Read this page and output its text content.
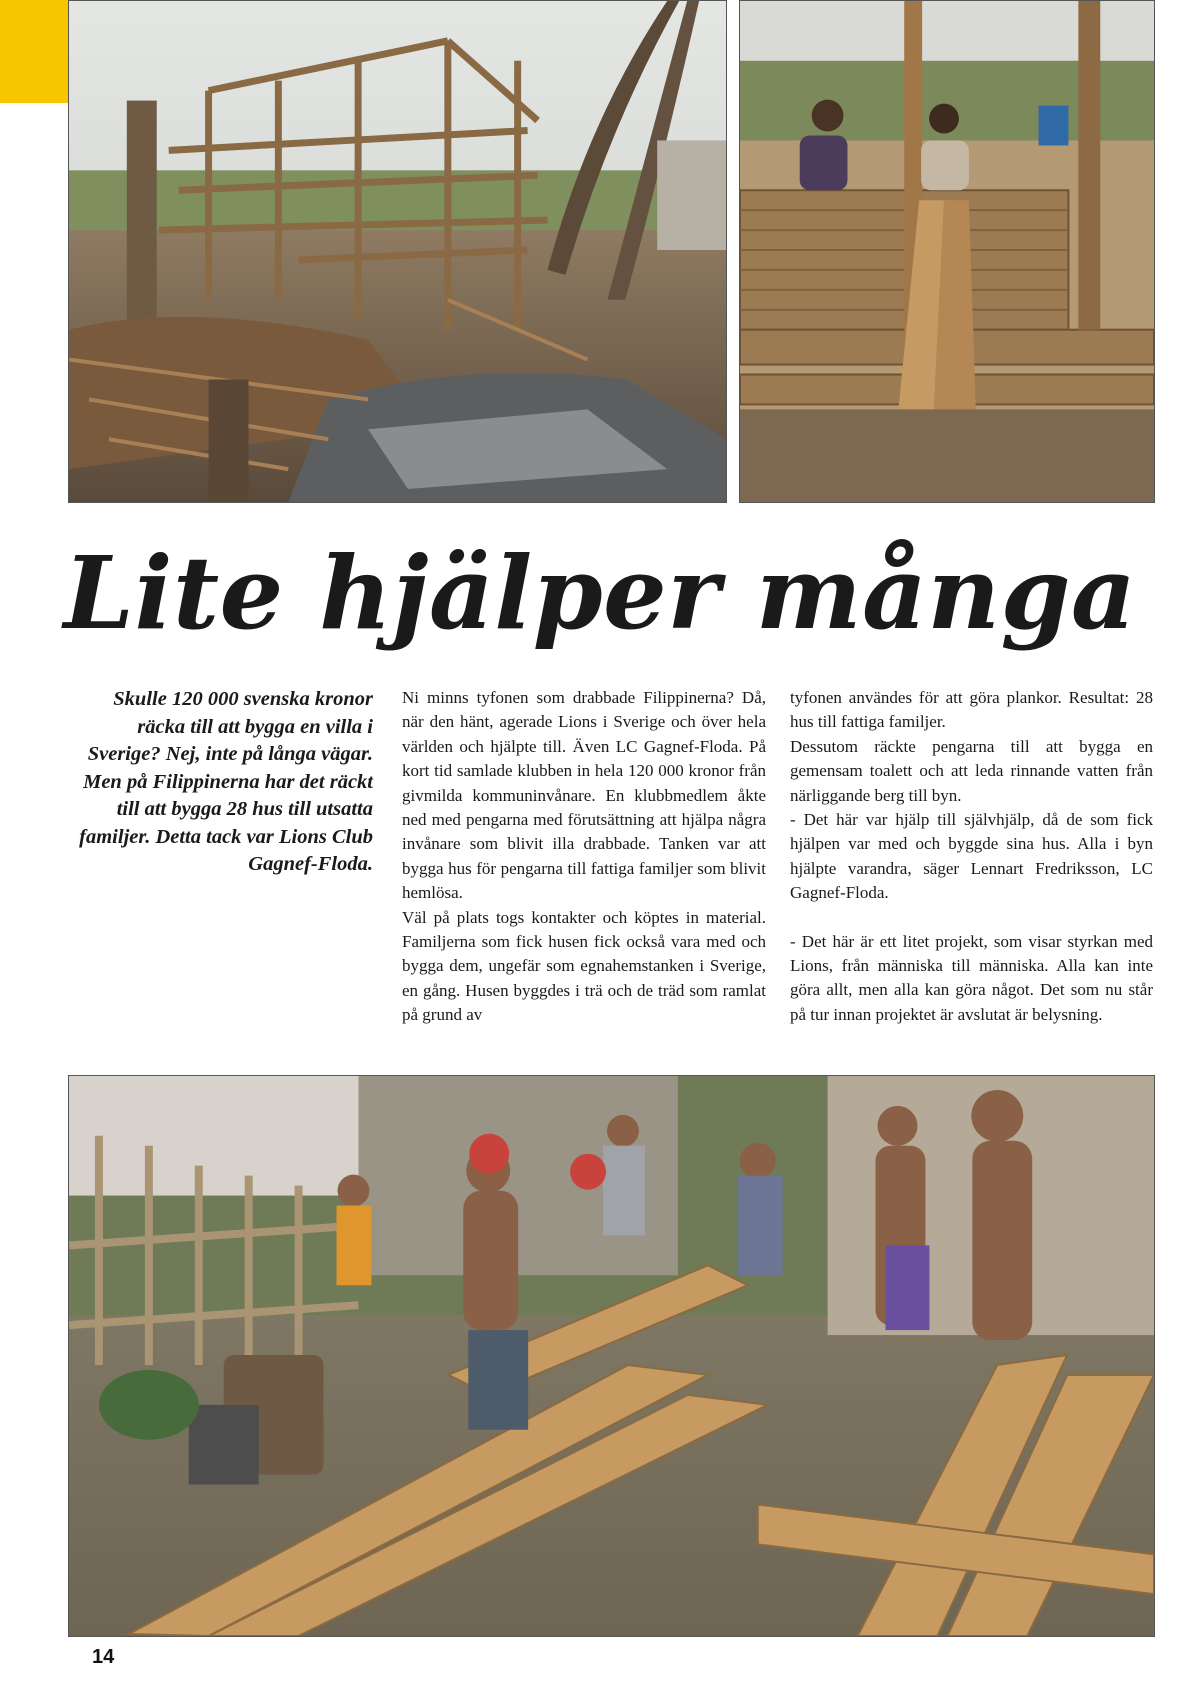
Lite hjälper många

Skulle 120 000 svenska kronor räcka till att bygga en villa i Sverige? Nej, inte på långa vägar. Men på Filippinerna har det räckt till att bygga 28 hus till utsatta familjer. Detta tack var Lions Club Gagnef-Floda.

Ni minns tyfonen som drabbade Filippinerna? Då, när den hänt, agerade Lions i Sverige och över hela världen och hjälpte till. Även LC Gagnef-Floda. På kort tid samlade klubben in hela 120 000 kronor från givmilda kommuninvånare. En klubbmedlem åkte ned med pengarna med förutsättning att hjälpa några invånare som blivit illa drabbade. Tanken var att bygga hus för pengarna till fattiga familjer som blivit hemlösa.

Väl på plats togs kontakter och köptes in material. Familjerna som fick husen fick också vara med och bygga dem, ungefär som egnahemstanken i Sverige, en gång. Husen byggdes i trä och de träd som ramlat på grund av

tyfonen användes för att göra plankor. Resultat: 28 hus till fattiga familjer.

Dessutom räckte pengarna till att bygga en gemensam toalett och att leda rinnande vatten från närliggande berg till byn.

- Det här var hjälp till självhjälp, då de som fick hjälpen var med och byggde sina hus. Alla i byn hjälpte varandra, säger Lennart Fredriksson, LC Gagnef-Floda.

- Det här är ett litet projekt, som visar styrkan med Lions, från människa till människa. Alla kan inte göra allt, men alla kan göra något. Det som nu står på tur innan projektet är avslutat är belysning.

14
